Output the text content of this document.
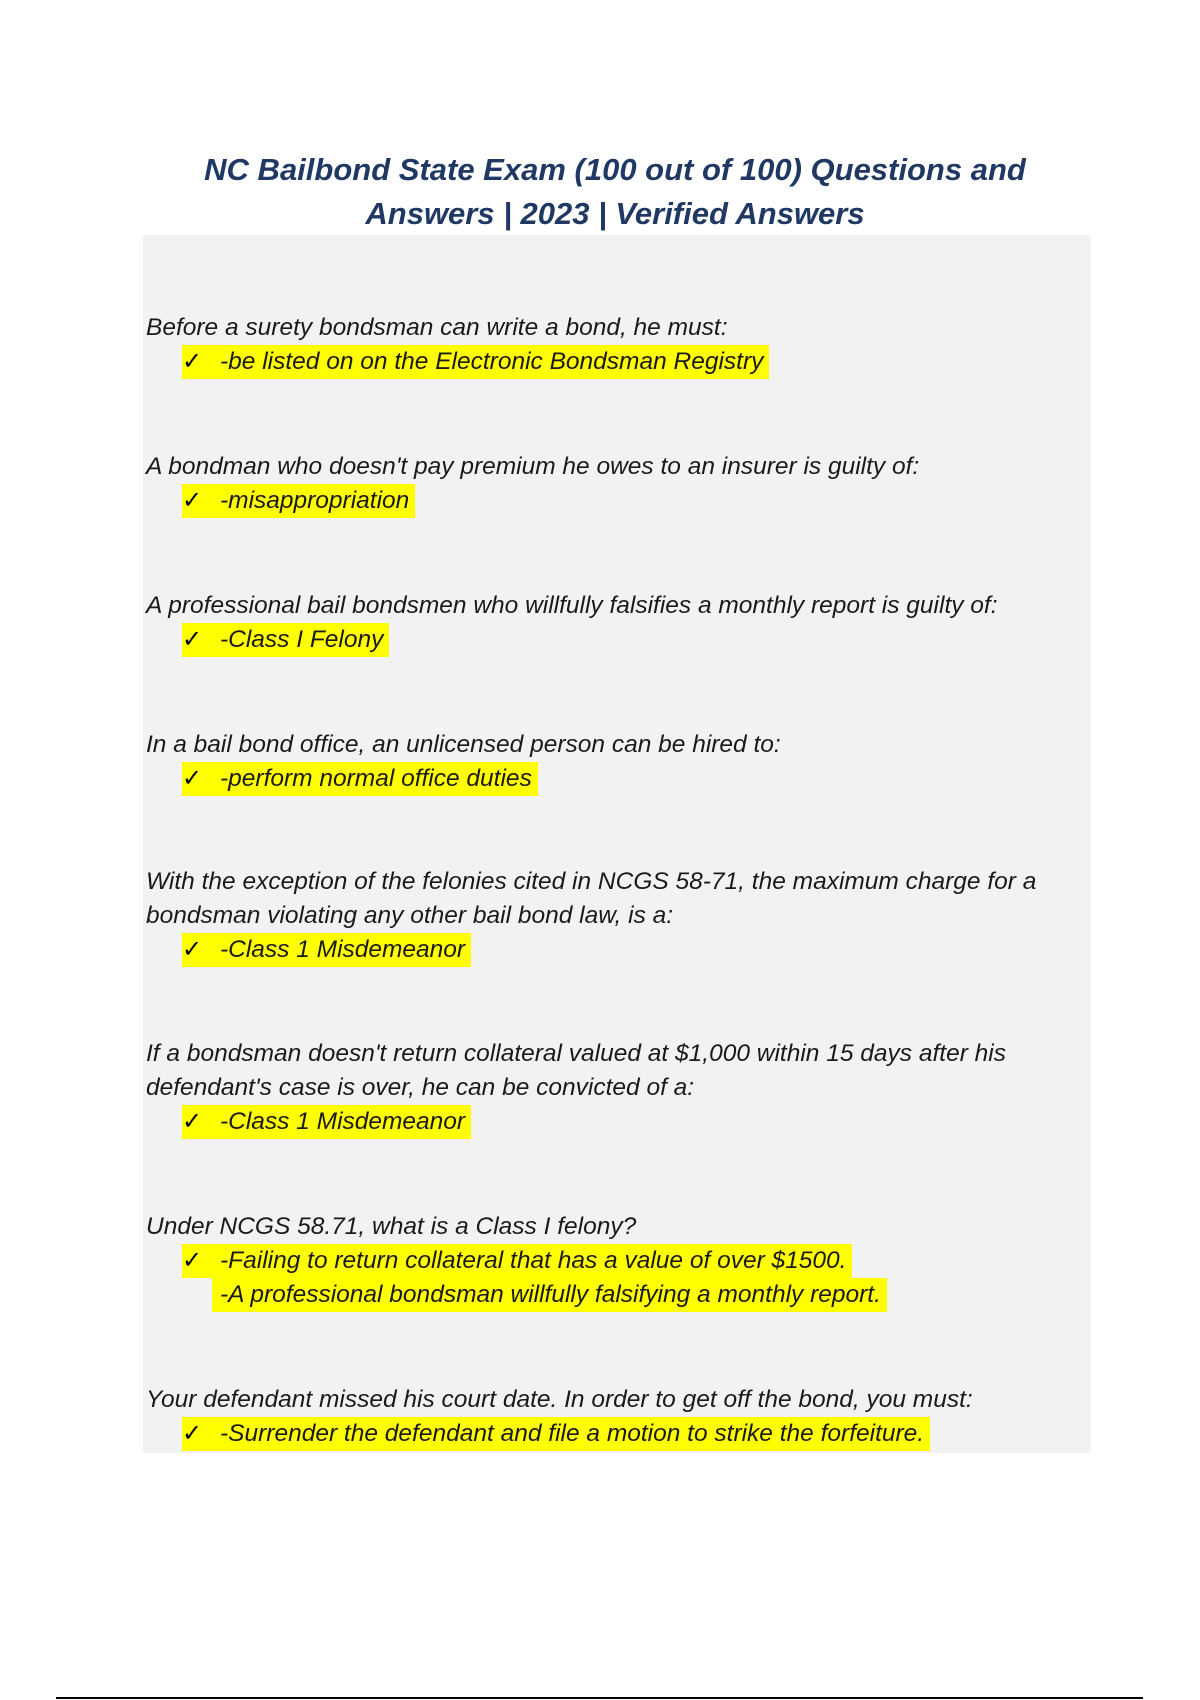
NC Bailbond State Exam (100 out of 100) Questions and
Answers | 2023 | Verified Answers

Before a surety bondsman can write a bond, he must:

✓ -be listed on on the Electronic Bondsman Registry

A bondman who doesn't pay premium he owes to an insurer is guilty of:

✓ -misappropriation

A professional bail bondsmen who willfully falsifies a monthly report is guilty of:

✓ -Class I Felony

In a bail bond office, an unlicensed person can be hired to:

✓ -perform normal office duties

With the exception of the felonies cited in NCGS 58-71, the maximum charge for a

bondsman violating any other bail bond law, is a:

✓ -Class 1 Misdemeanor

If a bondsman doesn't return collateral valued at $1,000 within 15 days after his

defendant's case is over, he can be convicted of a:

✓ -Class 1 Misdemeanor

Under NCGS 58.71, what is a Class I felony?

✓ -Failing to return collateral that has a value of over $1500.
-A professional bondsman willfully falsifying a monthly report.

Your defendant missed his court date. In order to get off the bond, you must:

✓ -Surrender the defendant and file a motion to strike the forfeiture.
